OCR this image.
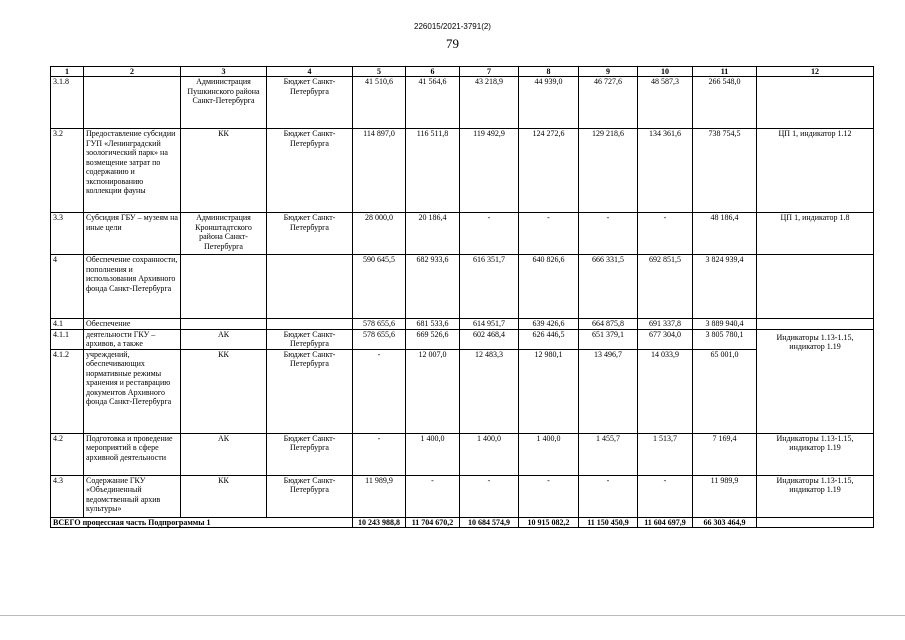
226015/2021-3791(2)
79
1	2	3	4	5	6	7	8	9	10	11	12
3.1.8		Администрация Пушкинского района Санкт-Петербурга	Бюджет Санкт-Петербурга	41 510,6	41 564,6	43 218,9	44 939,0	46 727,6	48 587,3	266 548,0	
3.2	Предоставление субсидии ГУП «Ленинградский зоологический парк» на возмещение затрат по содержанию и экспонированию коллекции фауны	КК	Бюджет Санкт-Петербурга	114 897,0	116 511,8	119 492,9	124 272,6	129 218,6	134 361,6	738 754,5	ЦП 1, индикатор 1.12
3.3	Субсидия ГБУ – музеям на иные цели	Администрация Кронштадтского района Санкт-Петербурга	Бюджет Санкт-Петербурга	28 000,0	20 186,4	-	-	-	-	48 186,4	ЦП 1, индикатор 1.8
4	Обеспечение сохранности, пополнения и использования Архивного фонда Санкт-Петербурга			590 645,5	682 933,6	616 351,7	640 826,6	666 331,5	692 851,5	3 824 939,4	
4.1	Обеспечение			578 655,6	681 533,6	614 951,7	639 426,6	664 875,8	691 337,8	3 889 940,4	
4.1.1	деятельности ГКУ – архивов, а также	АК	Бюджет Санкт-Петербурга	578 655,6	669 526,6	602 468,4	626 446,5	651 379,1	677 304,0	3 805 780,1	Индикаторы 1.13-1.15, индикатор 1.19
4.1.2	учреждений, обеспечивающих нормативные режимы хранения и реставрацию документов Архивного фонда Санкт-Петербурга	КК	Бюджет Санкт-Петербурга	-	12 007,0	12 483,3	12 980,1	13 496,7	14 033,9	65 001,0	
4.2	Подготовка и проведение мероприятий в сфере архивной деятельности	АК	Бюджет Санкт-Петербурга	-	1 400,0	1 400,0	1 400,0	1 455,7	1 513,7	7 169,4	Индикаторы 1.13-1.15, индикатор 1.19
4.3	Содержание ГКУ «Объединенный ведомственный архив культуры»	КК	Бюджет Санкт-Петербурга	11 989,9	-	-	-	-	-	11 989,9	Индикаторы 1.13-1.15, индикатор 1.19
ВСЕГО процессная часть Подпрограммы 1				10 243 988,8	11 704 670,2	10 684 574,9	10 915 082,2	11 150 450,9	11 604 697,9	66 303 464,9	
